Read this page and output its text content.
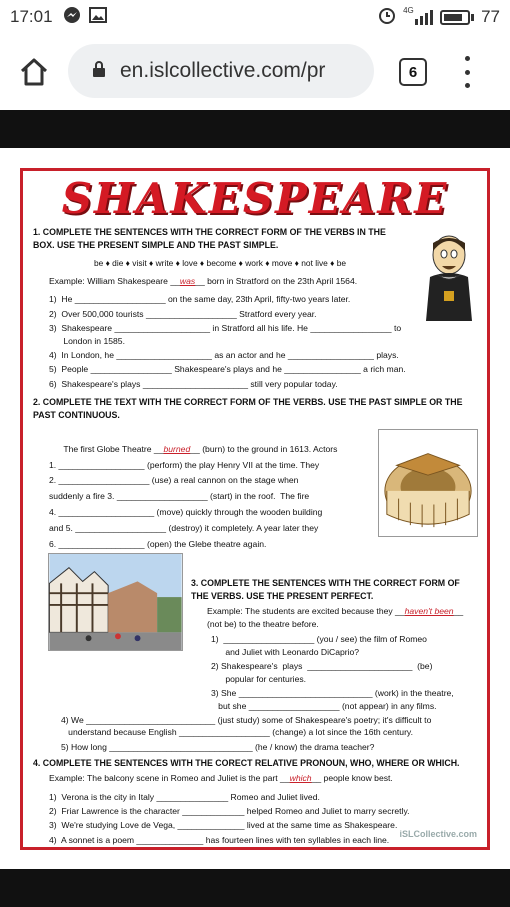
17:01	4G	77
en.islcollective.com/pr	6
SHAKESPEARE
1. COMPLETE THE SENTENCES WITH THE CORRECT FORM OF THE VERBS IN THE BOX. USE THE PRESENT SIMPLE AND THE PAST SIMPLE.
be ♦ die ♦ visit ♦ write ♦ love ♦ become ♦ work ♦ move ♦ not live ♦ be
Example: William Shakespeare __was__ born in Stratford on the 23th April 1564.
1)  He ___________________ on the same day, 23th April, fifty-two years later.
2)  Over 500,000 tourists ___________________ Stratford every year.
3)  Shakespeare ____________________ in Stratford all his life. He _________________ to
London in 1585.
4)  In London, he ____________________ as an actor and he __________________ plays.
5)  People _________________ Shakespeare's plays and he ________________ a rich man.
6)  Shakespeare's plays ______________________ still very popular today.
2. COMPLETE THE TEXT WITH THE CORRECT FORM OF THE VERBS. USE THE PAST SIMPLE OR THE PAST CONTINUOUS.

The first Globe Theatre __burned__ (burn) to the ground in 1613. Actors
1. __________________ (perform) the play Henry VII at the time. They
2. ___________________ (use) a real cannon on the stage when
suddenly a fire 3. ___________________ (start) in the roof.  The fire
4. ____________________ (move) quickly through the wooden building
and 5. ___________________ (destroy) it completely. A year later they
6. __________________ (open) the Glebe theatre again.

3. COMPLETE THE SENTENCES WITH THE CORRECT FORM OF THE VERBS. USE THE PRESENT PERFECT.
Example: The students are excited because they __haven't been__ (not be) to the theatre before.
1)  ___________________ (you / see) the film of Romeo
and Juliet with Leonardo DiCaprio?
2) Shakespeare's  plays  ______________________  (be)
popular for centuries.
3) She ____________________________ (work) in the theatre,
but she ___________________ (not appear) in any films.
4) We ___________________________ (just study) some of Shakespeare's poetry; it's difficult to
understand because English ___________________ (change) a lot since the 16th century.
5) How long ______________________________ (he / know) the drama teacher?
4. COMPLETE THE SENTENCES WITH THE CORECT RELATIVE PRONOUN, WHO, WHERE OR WHICH.
Example: The balcony scene in Romeo and Juliet is the part __which__ people know best.
1)  Verona is the city in Italy _______________ Romeo and Juliet lived.
2)  Friar Lawrence is the character _____________ helped Romeo and Juliet to marry secretly.
3)  We're studying Love de Vega, ______________ lived at the same time as Shakespeare.
4)  A sonnet is a poem ______________ has fourteen lines with ten syllables in each line.
iSLCollective.com
